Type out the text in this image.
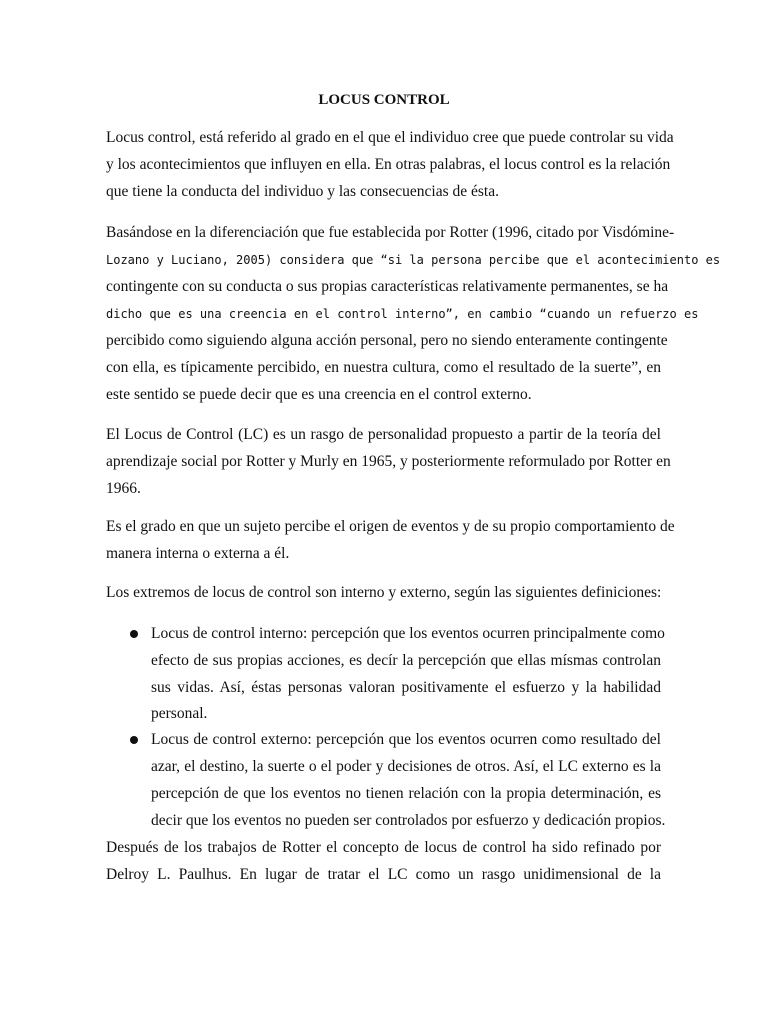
LOCUS CONTROL

Locus control, está referido al grado en el que el individuo cree que puede controlar su vida

y los acontecimientos que influyen en ella. En otras palabras, el locus control es la relación

que tiene la conducta del individuo y las consecuencias de ésta.

Basándose en la diferenciación que fue establecida por Rotter (1996, citado por Visdómine-

Lozano y Luciano, 2005) considera que “si la persona percibe que el acontecimiento es

contingente con su conducta o sus propias características relativamente permanentes, se ha

dicho que es una creencia en el control interno”, en cambio “cuando un refuerzo es

percibido como siguiendo alguna acción personal, pero no siendo enteramente contingente

con ella, es típicamente percibido, en nuestra cultura, como el resultado de la suerte”, en

este sentido se puede decir que es una creencia en el control externo.

El Locus de Control (LC) es un rasgo de personalidad propuesto a partir de la teoría del

aprendizaje social por Rotter y Murly en 1965, y posteriormente reformulado por Rotter en

1966.

Es el grado en que un sujeto percibe el origen de eventos y de su propio comportamiento de

manera interna o externa a él.

Los extremos de locus de control son interno y externo, según las siguientes definiciones:

Locus de control interno: percepción que los eventos ocurren principalmente como

efecto de sus propias acciones, es decír la percepción que ellas mísmas controlan

sus vidas. Así, éstas personas valoran positivamente el esfuerzo y la habilidad

personal.

Locus de control externo: percepción que los eventos ocurren como resultado del

azar, el destino, la suerte o el poder y decisiones de otros. Así, el LC externo es la

percepción de que los eventos no tienen relación con la propia determinación, es

decir que los eventos no pueden ser controlados por esfuerzo y dedicación propios.

Después de los trabajos de Rotter el concepto de locus de control ha sido refinado por

Delroy L. Paulhus. En lugar de tratar el LC como un rasgo unidimensional de la
